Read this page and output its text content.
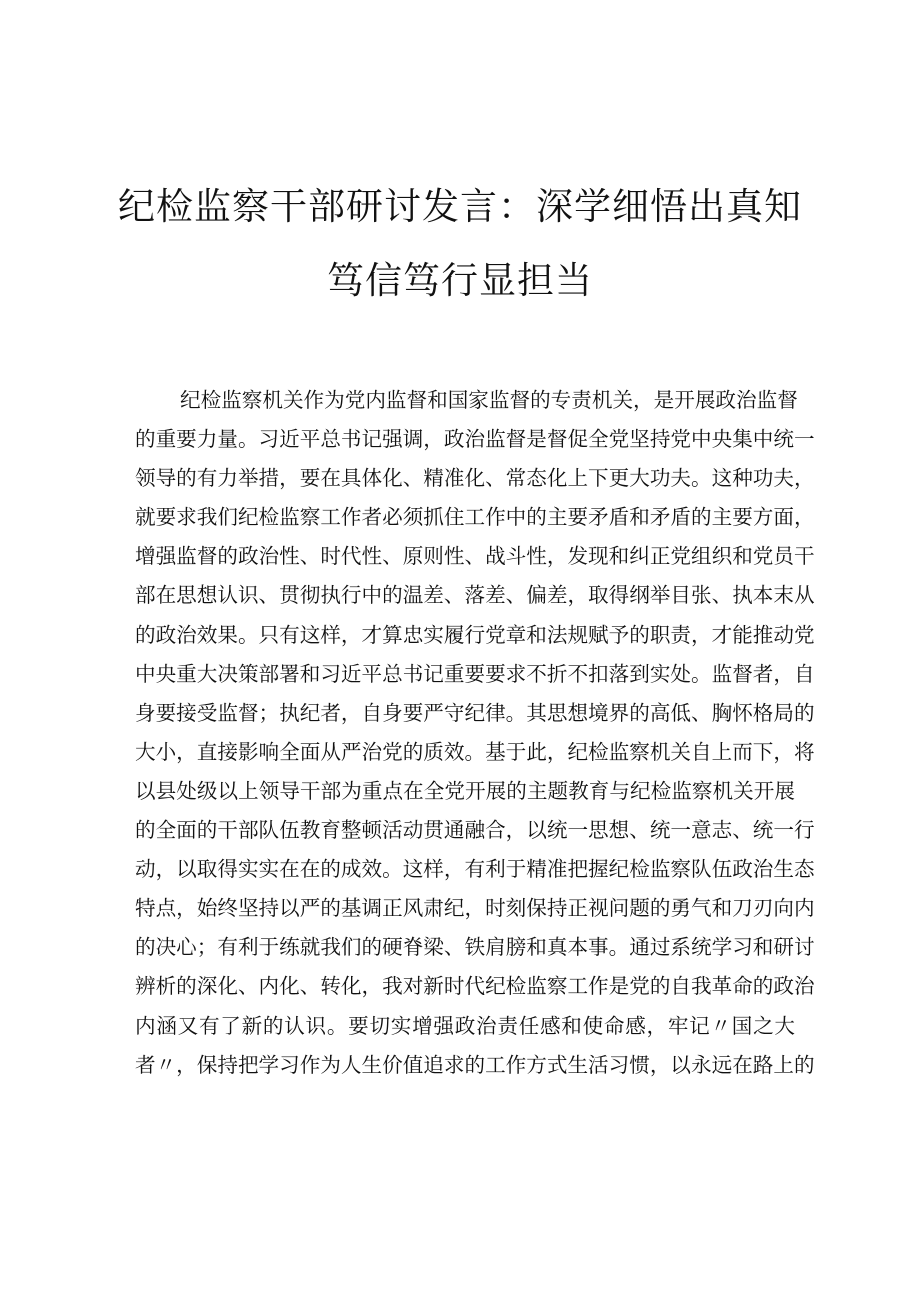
纪检监察干部研讨发言：深学细悟出真知
笃信笃行显担当
纪检监察机关作为党内监督和国家监督的专责机关，是开展政治监督
的重要力量。习近平总书记强调，政治监督是督促全党坚持党中央集中统一
领导的有力举措，要在具体化、精准化、常态化上下更大功夫。这种功夫，
就要求我们纪检监察工作者必须抓住工作中的主要矛盾和矛盾的主要方面，
增强监督的政治性、时代性、原则性、战斗性，发现和纠正党组织和党员干
部在思想认识、贯彻执行中的温差、落差、偏差，取得纲举目张、执本末从
的政治效果。只有这样，才算忠实履行党章和法规赋予的职责，才能推动党
中央重大决策部署和习近平总书记重要要求不折不扣落到实处。监督者，自
身要接受监督；执纪者，自身要严守纪律。其思想境界的高低、胸怀格局的
大小，直接影响全面从严治党的质效。基于此，纪检监察机关自上而下，将
以县处级以上领导干部为重点在全党开展的主题教育与纪检监察机关开展
的全面的干部队伍教育整顿活动贯通融合，以统一思想、统一意志、统一行
动，以取得实实在在的成效。这样，有利于精准把握纪检监察队伍政治生态
特点，始终坚持以严的基调正风肃纪，时刻保持正视问题的勇气和刀刃向内
的决心；有利于练就我们的硬脊梁、铁肩膀和真本事。通过系统学习和研讨
辨析的深化、内化、转化，我对新时代纪检监察工作是党的自我革命的政治
内涵又有了新的认识。要切实增强政治责任感和使命感，牢记〃国之大
者〃，保持把学习作为人生价值追求的工作方式生活习惯，以永远在路上的
